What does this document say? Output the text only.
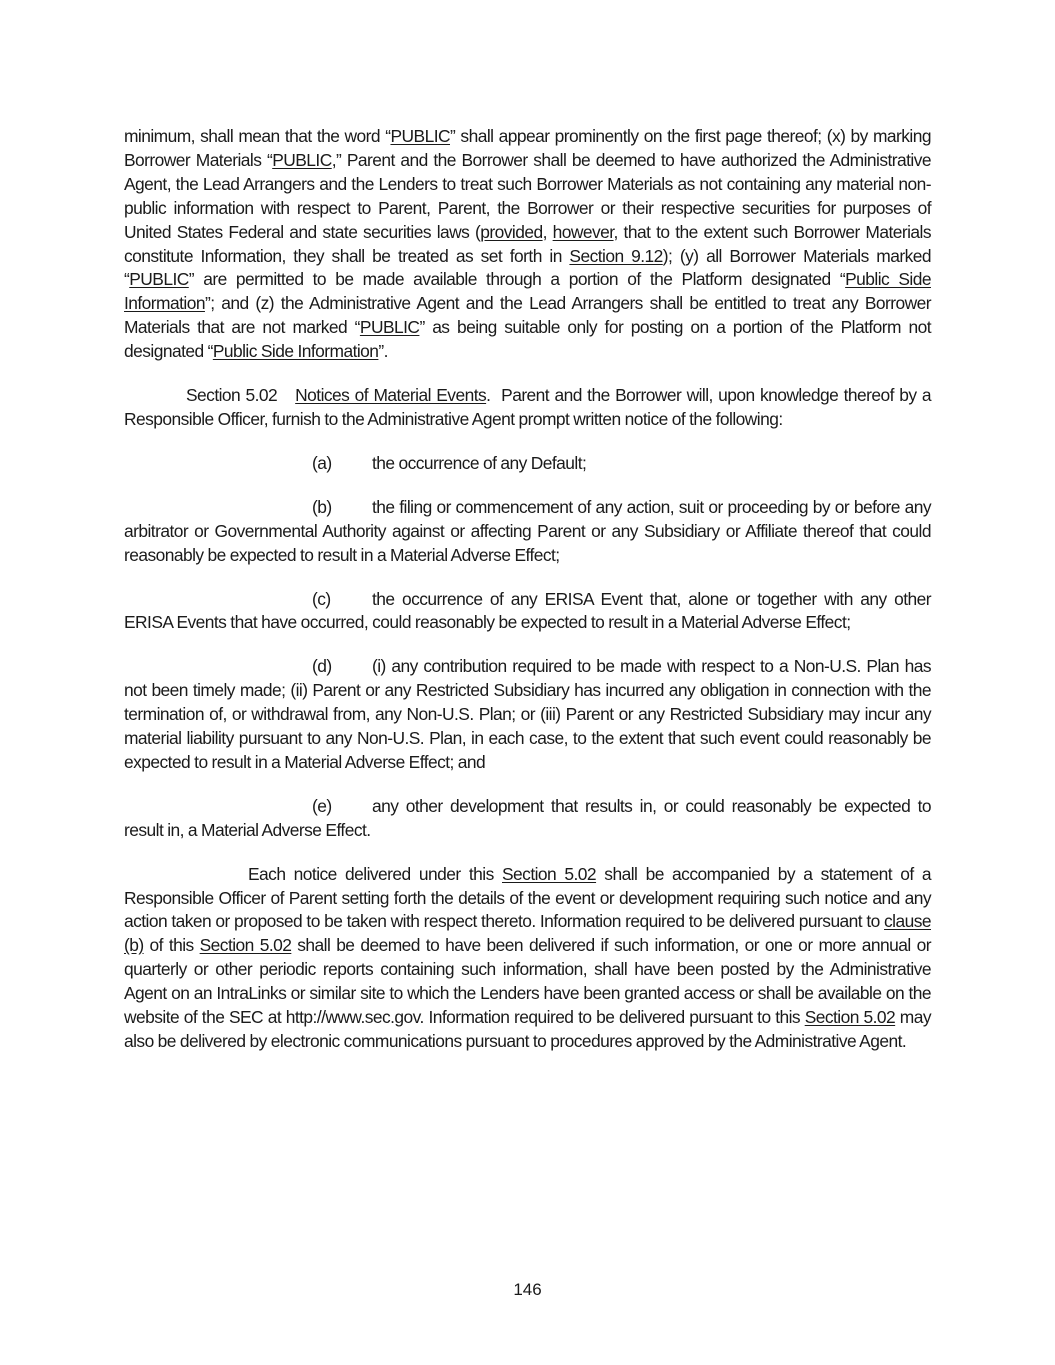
minimum, shall mean that the word “PUBLIC” shall appear prominently on the first page thereof; (x) by marking Borrower Materials “PUBLIC,” Parent and the Borrower shall be deemed to have authorized the Administrative Agent, the Lead Arrangers and the Lenders to treat such Borrower Materials as not containing any material non-public information with respect to Parent, Parent, the Borrower or their respective securities for purposes of United States Federal and state securities laws (provided, however, that to the extent such Borrower Materials constitute Information, they shall be treated as set forth in Section 9.12); (y) all Borrower Materials marked “PUBLIC” are permitted to be made available through a portion of the Platform designated “Public Side Information”; and (z) the Administrative Agent and the Lead Arrangers shall be entitled to treat any Borrower Materials that are not marked “PUBLIC” as being suitable only for posting on a portion of the Platform not designated “Public Side Information”.

Section 5.02 Notices of Material Events.  Parent and the Borrower will, upon knowledge thereof by a Responsible Officer, furnish to the Administrative Agent prompt written notice of the following:

(a) the occurrence of any Default;

(b) the filing or commencement of any action, suit or proceeding by or before any arbitrator or Governmental Authority against or affecting Parent or any Subsidiary or Affiliate thereof that could reasonably be expected to result in a Material Adverse Effect;

(c) the occurrence of any ERISA Event that, alone or together with any other ERISA Events that have occurred, could reasonably be expected to result in a Material Adverse Effect;

(d) (i) any contribution required to be made with respect to a Non-U.S. Plan has not been timely made; (ii) Parent or any Restricted Subsidiary has incurred any obligation in connection with the termination of, or withdrawal from, any Non-U.S. Plan; or (iii) Parent or any Restricted Subsidiary may incur any material liability pursuant to any Non-U.S. Plan, in each case, to the extent that such event could reasonably be expected to result in a Material Adverse Effect; and

(e) any other development that results in, or could reasonably be expected to result in, a Material Adverse Effect.

Each notice delivered under this Section 5.02 shall be accompanied by a statement of a Responsible Officer of Parent setting forth the details of the event or development requiring such notice and any action taken or proposed to be taken with respect thereto. Information required to be delivered pursuant to clause (b) of this Section 5.02 shall be deemed to have been delivered if such information, or one or more annual or quarterly or other periodic reports containing such information, shall have been posted by the Administrative Agent on an IntraLinks or similar site to which the Lenders have been granted access or shall be available on the website of the SEC at http://www.sec.gov. Information required to be delivered pursuant to this Section 5.02 may also be delivered by electronic communications pursuant to procedures approved by the Administrative Agent.

146
